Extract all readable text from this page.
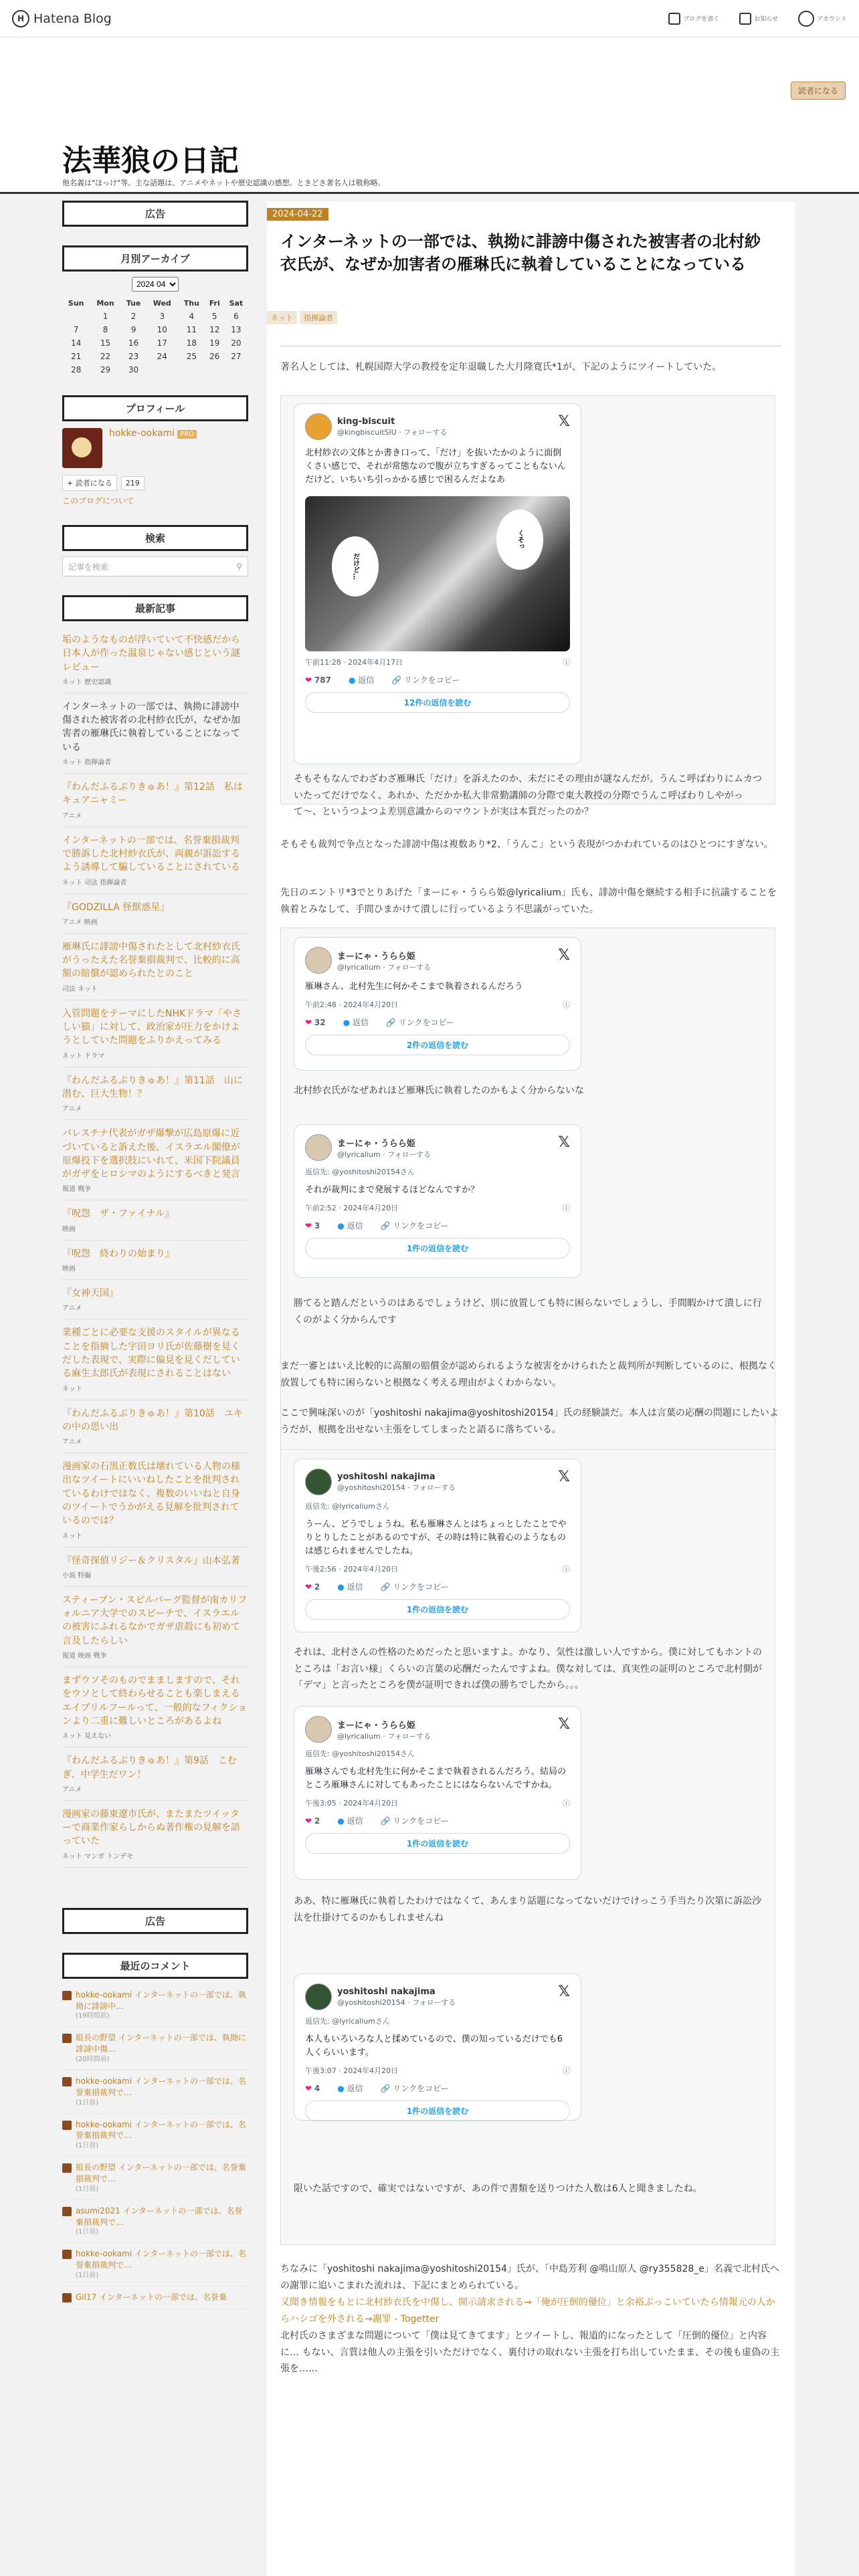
H Hatena Blog	ブログを書く	お知らせ	アカウント
読者になる
法華狼の日記
他名義は"ほっけ"等。主な話題は、アニメやネットや歴史認識の感想。ときどき著名人は敬称略。
広告
月別アーカイブ
2024 04
Sun	Mon	Tue	Wed	Thu	Fri	Sat
	1	2	3	4	5	6
7	8	9	10	11	12	13
14	15	16	17	18	19	20
21	22	23	24	25	26	27
28	29	30				
プロフィール
hokke-ookami PRO
+ 読者になる	219
このブログについて
検索
記事を検索	⚲
最新記事
垢のようなものが浮いていて不快感だから日本人が作った温泉じゃない感じという謎レビュー
ネット 歴史認識
インターネットの一部では、執拗に誹謗中傷された被害者の北村紗衣氏が、なぜか加害者の雁琳氏に執着していることになっている
ネット 指揮論者
『わんだふるぷりきゅあ！』第12話　私はキュアニャミー
アニメ
インターネットの一部では、名誉棄損裁判で勝訴した北村紗衣氏が、両親が訴訟するよう誘導して騙していることにされている
ネット 司法 指揮論者
『GODZILLA 怪獣惑星』
アニメ 映画
雁琳氏に誹謗中傷されたとして北村紗衣氏がうったえた名誉棄損裁判で、比較的に高額の賠償が認められたとのこと
司法 ネット
入管問題をテーマにしたNHKドラマ「やさしい猫」に対して、政治家が圧力をかけようとしていた問題をふりかえってみる
ネット ドラマ
『わんだふるぷりきゅあ！』第11話　山に潜む、巨大生物！？
アニメ
パレスチナ代表がガザ爆撃が広島原爆に近づいていると訴えた後、イスラエル閣僚が原爆投下を選択肢にいれて、米国下院議員がガザをヒロシマのようにするべきと発言
報道 戦争
『呪怨　ザ・ファイナル』
映画
『呪怨　終わりの始まり』
映画
『女神天国』
アニメ
業種ごとに必要な支援のスタイルが異なることを指摘した宇田ヨリ氏が佐藤樹を見くだした表現で、実際に偏見を見くだしている麻生太郎氏が表現にされることはない
ネット
『わんだふるぷりきゅあ！』第10話　ユキの中の思い出
アニメ
漫画家の石黒正数氏は壊れている人物の様出なツイートにいいねしたことを批判されているわけではなく、複数のいいねと自身のツイートでうかがえる見解を批判されているのでは？
ネット
『怪奇探偵リジー＆クリスタル』山本弘著
小説 特撮
スティーブン・スピルバーグ監督が南カリフォルニア大学でのスピーチで、イスラエルの被害にふれるなかでガザ虐殺にも初めて言及したらしい
報道 映画 戦争
まずウソそのものでまましますので、それをウソとして終わらせることも楽しまえるエイプリルフールって、一般的なフィクションより二重に難しいところがあるよね
ネット 見えない
『わんだふるぷりきゅあ！』第9話　こむぎ、中学生だワン！
アニメ
漫画家の藤東遼市氏が、またまたツイッターで商業作家らしからぬ著作権の見解を語っていた
ネット マンガ トンデモ
広告
最近のコメント
hokke-ookami インターネットの一部では、執拗に誹謗中…
(19時間前)
組長の野望 インターネットの一部では、執拗に誹謗中傷…
(20時間前)
hokke-ookami インターネットの一部では、名誉棄損裁判で…
(1日前)
hokke-ookami インターネットの一部では、名誉棄損裁判で…
(1日前)
組長の野望 インターネットの一部では、名誉棄損裁判で…
(1日前)
asumi2021 インターネットの一部では、名誉棄損裁判で…
(1日前)
hokke-ookami インターネットの一部では、名誉棄損裁判で…
(1日前)
Gil17 インターネットの一部では、名誉棄
2024-04-22
インターネットの一部では、執拗に誹謗中傷された被害者の北村紗衣氏が、なぜか加害者の雁琳氏に執着していることになっている
ネット	指揮論者

著名人としては、札幌国際大学の教授を定年退職した大月隆寛氏*1が、下記のようにツイートしていた。

king-biscuit
@kingbiscuitSIU · フォローする
𝕏
北村紗衣の文体とか書き口って、「だけ」を抜いたかのように面倒くさい感じで、それが常態なので腹が立ちすぎるってこともないんだけど、いちいち引っかかる感じで困るんだよなあ
くそっ
だけど…
午前11:28 · 2024年4月17日	ⓘ
❤ 787 ● 返信 🔗 リンクをコピー
12件の返信を読む

そもそもなんでわざわざ雁琳氏「だけ」を訴えたのか、未だにその理由が謎なんだが。うんこ呼ばわりにムカついたってだけでなく、あれか、ただかか私大非常勤講師の分際で東大教授の分際でうんこ呼ばわりしやがって〜、というつよつよ差別意識からのマウントが実は本質だったのか？

そもそも裁判で争点となった誹謗中傷は複数あり*2、「うんこ」という表現がつかわれているのはひとつにすぎない。

先日のエントリ*3でとりあげた「まーにゃ・うらら姫@lyricalium」氏も、誹謗中傷を継続する相手に抗議することを執着とみなして、手間ひまかけて潰しに行っているよう不思議がっていた。

まーにゃ・うらら姫
@lyricalium · フォローする
𝕏
雁琳さん、北村先生に何かそこまで執着されるんだろう
午前2:48 · 2024年4月20日	ⓘ
❤ 32 ● 返信 🔗 リンクをコピー
2件の返信を読む

北村紗衣氏がなぜあれほど雁琳氏に執着したのかもよく分からないな

まーにゃ・うらら姫
@lyricalium · フォローする
𝕏
返信先: @yoshitoshi20154さん
それが裁判にまで発展するほどなんですか？
午前2:52 · 2024年4月20日	ⓘ
❤ 3 ● 返信 🔗 リンクをコピー
1件の返信を読む

勝てると踏んだというのはあるでしょうけど、別に放置しても特に困らないでしょうし、手間暇かけて潰しに行くのがよく分からんです

まだ一審とはいえ比較的に高額の賠償金が認められるような被害をかけられたと裁判所が判断しているのに、根拠なく放置しても特に困らないと根拠なく考える理由がよくわからない。

ここで興味深いのが「yoshitoshi nakajima@yoshitoshi20154」氏の経験談だ。本人は言葉の応酬の問題にしたいようだが、根拠を出せない主張をしてしまったと語るに落ちている。

yoshitoshi nakajima
@yoshitoshi20154 · フォローする
𝕏
返信先: @lyricaliumさん
うーん、どうでしょうね。私も雁琳さんとはちょっとしたことでやりとりしたことがあるのですが、その時は特に執着心のようなものは感じられませんでしたね。
午後2:56 · 2024年4月20日	ⓘ
❤ 2 ● 返信 🔗 リンクをコピー
1件の返信を読む

それは、北村さんの性格のためだったと思いますよ。かなり、気性は激しい人ですから。僕に対してもホントのところは「お言い様」くらいの言葉の応酬だったんですよね。僕な対しては、真実性の証明のところで北村側が「デマ」と言ったところを僕が証明できれば僕の勝ちでしたから。。。

まーにゃ・うらら姫
@lyricalium · フォローする
𝕏
返信先: @yoshitoshi20154さん
雁琳さんでも北村先生に何かそこまで執着されるんだろう。結局のところ雁琳さんに対してもあったことにはならないんですかね。
午後3:05 · 2024年4月20日	ⓘ
❤ 2 ● 返信 🔗 リンクをコピー
1件の返信を読む

ああ、特に雁琳氏に執着したわけではなくて、あんまり話題になってないだけでけっこう手当たり次第に訴訟沙汰を仕掛けてるのかもしれませんね

yoshitoshi nakajima
@yoshitoshi20154 · フォローする
𝕏
返信先: @lyricaliumさん
本人もいろいろな人と揉めているので、僕の知っているだけでも6人くらいいます。
午後3:07 · 2024年4月20日	ⓘ
❤ 4 ● 返信 🔗 リンクをコピー
1件の返信を読む

限いた話ですので、確実ではないですが、あの件で書類を送りつけた人数は6人と聞きましたね。

ちなみに「yoshitoshi nakajima@yoshitoshi20154」氏が、「中島芳利 @鳴山原人 @ry355828_e」名義で北村氏への謝罪に追いこまれた流れは、下記にまとめられている。

又聞き情報をもとに北村紗衣氏を中傷し、開示請求される→「俺が圧倒的優位」と余裕ぶっこいていたら情報元の人からハシゴを外される→謝罪 - Togetter

北村氏のさまざまな問題について「僕は見てきてます」とツイートし、報道的になったとして「圧倒的優位」と内容に… もない、言質は他人の主張を引いただけでなく、裏付けの取れない主張を打ち出していたまま、その後も虚偽の主張を……
